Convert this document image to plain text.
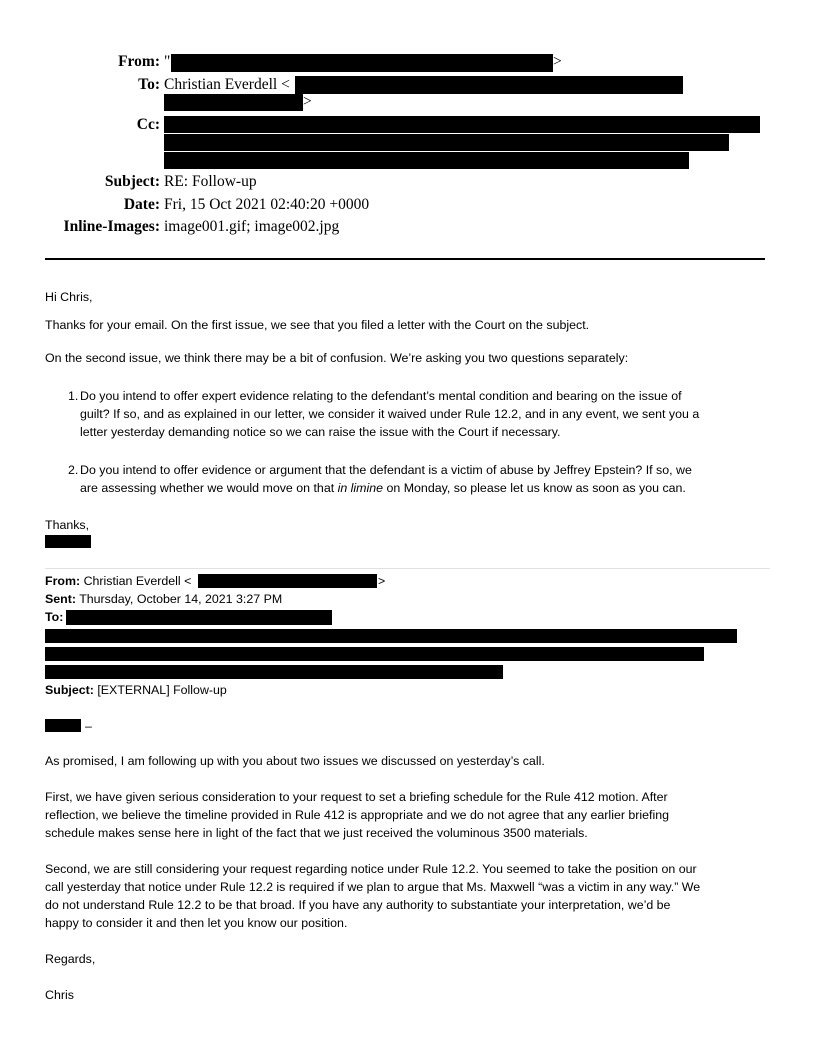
From: "	>
To: Christian Everdell <
>
Cc:
Subject: RE: Follow-up
Date: Fri, 15 Oct 2021 02:40:20 +0000
Inline-Images: image001.gif; image002.jpg
Hi Chris,
Thanks for your email. On the first issue, we see that you filed a letter with the Court on the subject.
On the second issue, we think there may be a bit of confusion. We’re asking you two questions separately:
1. Do you intend to offer expert evidence relating to the defendant’s mental condition and bearing on the issue of
guilt? If so, and as explained in our letter, we consider it waived under Rule 12.2, and in any event, we sent you a
letter yesterday demanding notice so we can raise the issue with the Court if necessary.
2. Do you intend to offer evidence or argument that the defendant is a victim of abuse by Jeffrey Epstein? If so, we
are assessing whether we would move on that in limine on Monday, so please let us know as soon as you can.
Thanks,
From: Christian Everdell <	>
Sent: Thursday, October 14, 2021 3:27 PM
To:
Subject: [EXTERNAL] Follow-up
–
As promised, I am following up with you about two issues we discussed on yesterday’s call.
First, we have given serious consideration to your request to set a briefing schedule for the Rule 412 motion. After
reflection, we believe the timeline provided in Rule 412 is appropriate and we do not agree that any earlier briefing
schedule makes sense here in light of the fact that we just received the voluminous 3500 materials.
Second, we are still considering your request regarding notice under Rule 12.2. You seemed to take the position on our
call yesterday that notice under Rule 12.2 is required if we plan to argue that Ms. Maxwell “was a victim in any way.” We
do not understand Rule 12.2 to be that broad. If you have any authority to substantiate your interpretation, we’d be
happy to consider it and then let you know our position.
Regards,
Chris
